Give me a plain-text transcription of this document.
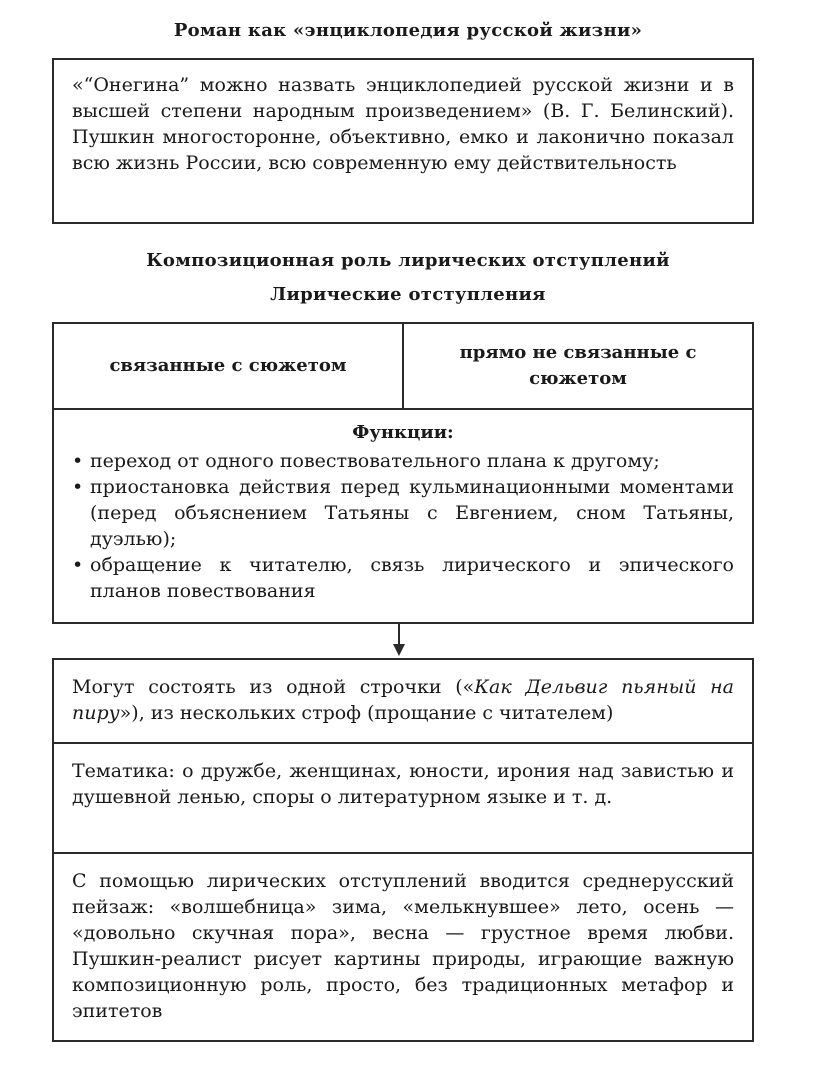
Роман как «энциклопедия русской жизни»

«“Онегина” можно назвать энциклопедией русской жизни и в высшей степени народным произведением» (В. Г. Белинский). Пушкин многосторонне, объективно, емко и лаконично показал всю жизнь России, всю современную ему действительность

Композиционная роль лирических отступлений
Лирические отступления
связанные с сюжетом
прямо не связанные с сюжетом
Функции:
• переход от одного повествовательного плана к другому;
• приостановка действия перед кульминационными моментами (перед объяснением Татьяны с Евгением, сном Татьяны, дуэлью);
• обращение к читателю, связь лирического и эпического планов повествования

Могут состоять из одной строчки («Как Дельвиг пьяный на пиру»), из нескольких строф (прощание с читателем)

Тематика: о дружбе, женщинах, юности, ирония над завистью и душевной ленью, споры о литературном языке и т. д.

С помощью лирических отступлений вводится среднерусский пейзаж: «волшебница» зима, «мелькнувшее» лето, осень — «довольно скучная пора», весна — грустное время любви. Пушкин-реалист рисует картины природы, играющие важную композиционную роль, просто, без традиционных метафор и эпитетов
